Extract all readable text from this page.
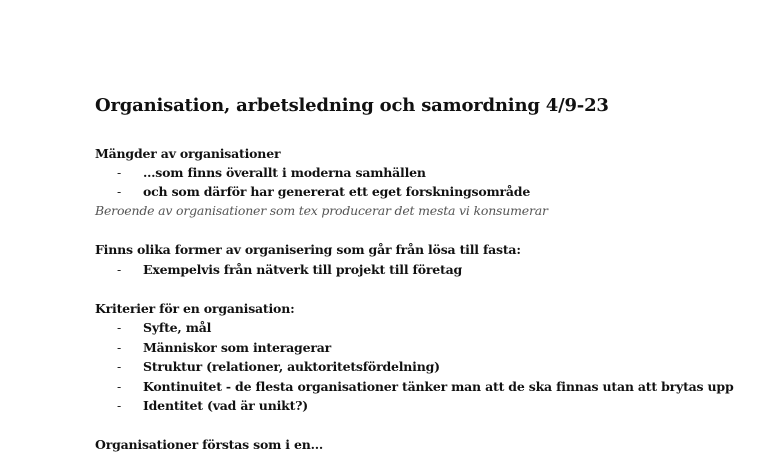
Organisation, arbetsledning och samordning 4/9-23

Mängder av organisationer

-	…som finns överallt i moderna samhällen

-	och som därför har genererat ett eget forskningsområde

Beroende av organisationer som tex producerar det mesta vi konsumerar

Finns olika former av organisering som går från lösa till fasta:

-	Exempelvis från nätverk till projekt till företag

Kriterier för en organisation:

-	Syfte, mål

-	Människor som interagerar

-	Struktur (relationer, auktoritetsfördelning)

-	Kontinuitet - de flesta organisationer tänker man att de ska finnas utan att brytas upp

-	Identitet (vad är unikt?)

Organisationer förstas som i en...
